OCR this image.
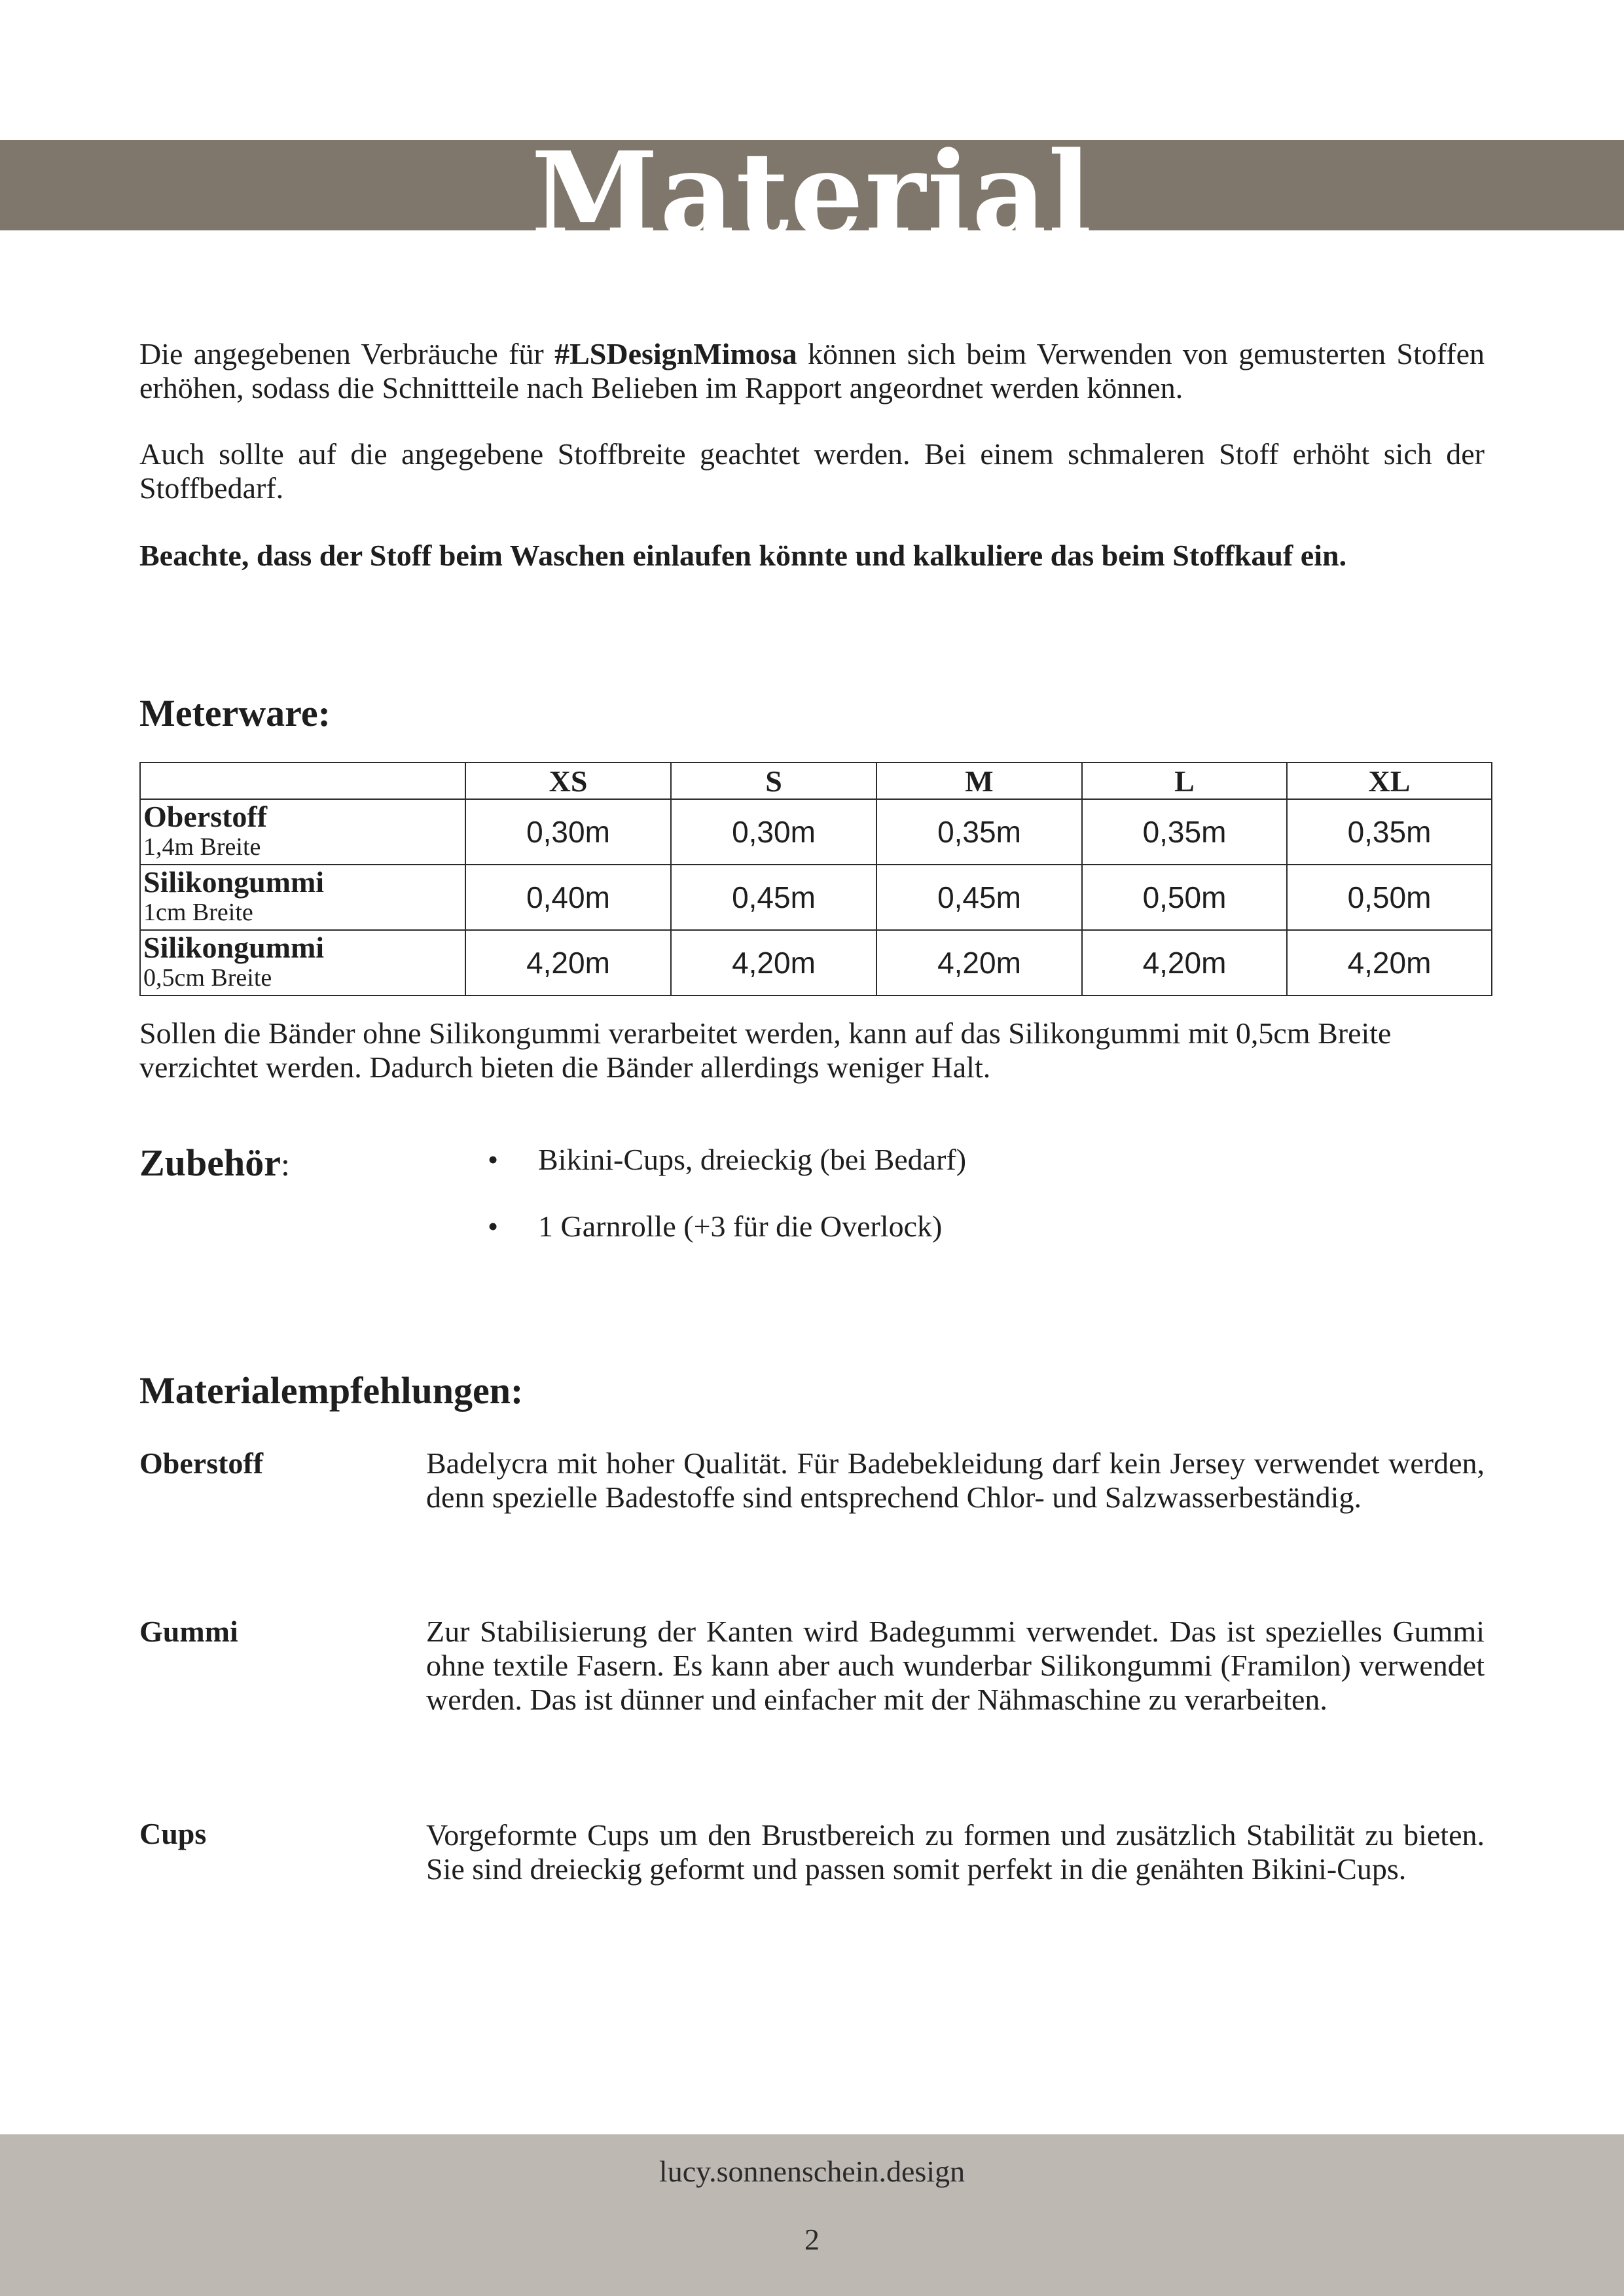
Material

Die angegebenen Verbräuche für #LSDesignMimosa können sich beim Verwenden von gemusterten Stoffen erhöhen, sodass die Schnittteile nach Belieben im Rapport angeordnet werden können.

Auch sollte auf die angegebene Stoffbreite geachtet werden. Bei einem schmaleren Stoff erhöht sich der Stoffbedarf.

Beachte, dass der Stoff beim Waschen einlaufen könnte und kalkuliere das beim Stoffkauf ein.

Meterware:
	XS	S	M	L	XL

Oberstoff
1,4m Breite	0,30m	0,30m	0,35m	0,35m	0,35m

Silikongummi
1cm Breite	0,40m	0,45m	0,45m	0,50m	0,50m

Silikongummi
0,5cm Breite	4,20m	4,20m	4,20m	4,20m	4,20m

Sollen die Bänder ohne Silikongummi verarbeitet werden, kann auf das Silikongummi mit 0,5cm Breite verzichtet werden. Dadurch bieten die Bänder allerdings weniger Halt.

Zubehör:	• Bikini-Cups, dreieckig (bei Bedarf)
• 1 Garnrolle (+3 für die Overlock)
Materialempfehlungen:
Oberstoff	Badelycra mit hoher Qualität. Für Badebekleidung darf kein Jersey verwendet werden, denn spezielle Badestoffe sind entsprechend Chlor- und Salzwasserbeständig.

Gummi	Zur Stabilisierung der Kanten wird Badegummi verwendet. Das ist spezielles Gummi ohne textile Fasern. Es kann aber auch wunderbar Silikongummi (Framilon) verwendet werden. Das ist dünner und einfacher mit der Nähmaschine zu verarbeiten.

Cups	Vorgeformte Cups um den Brustbereich zu formen und zusätzlich Stabilität zu bieten. Sie sind dreieckig geformt und passen somit perfekt in die genähten Bikini-Cups.

lucy.sonnenschein.design
2
